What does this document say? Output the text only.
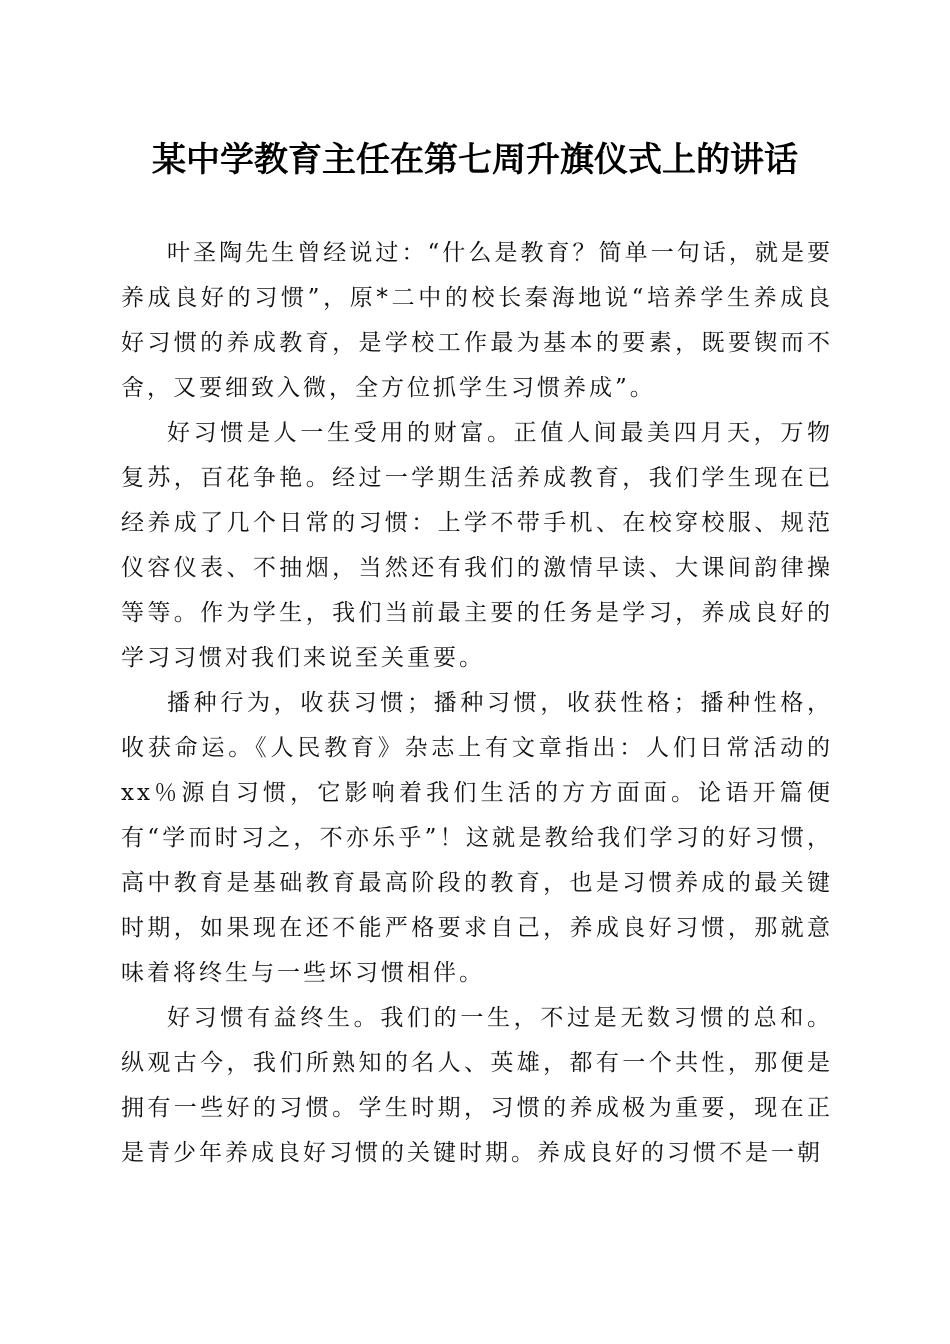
某中学教育主任在第七周升旗仪式上的讲话

叶圣陶先生曾经说过：“什么是教育？简单一句话，就是要养成良好的习惯”，原*二中的校长秦海地说“培养学生养成良好习惯的养成教育，是学校工作最为基本的要素，既要锲而不舍，又要细致入微，全方位抓学生习惯养成”。

好习惯是人一生受用的财富。正值人间最美四月天，万物复苏，百花争艳。经过一学期生活养成教育，我们学生现在已经养成了几个日常的习惯：上学不带手机、在校穿校服、规范仪容仪表、不抽烟，当然还有我们的激情早读、大课间韵律操等等。作为学生，我们当前最主要的任务是学习，养成良好的学习习惯对我们来说至关重要。

播种行为，收获习惯；播种习惯，收获性格；播种性格，收获命运。《人民教育》杂志上有文章指出：人们日常活动的xx％源自习惯，它影响着我们生活的方方面面。论语开篇便有“学而时习之，不亦乐乎”！这就是教给我们学习的好习惯，高中教育是基础教育最高阶段的教育，也是习惯养成的最关键时期，如果现在还不能严格要求自己，养成良好习惯，那就意味着将终生与一些坏习惯相伴。

好习惯有益终生。我们的一生，不过是无数习惯的总和。纵观古今，我们所熟知的名人、英雄，都有一个共性，那便是拥有一些好的习惯。学生时期，习惯的养成极为重要，现在正是青少年养成良好习惯的关键时期。养成良好的习惯不是一朝
